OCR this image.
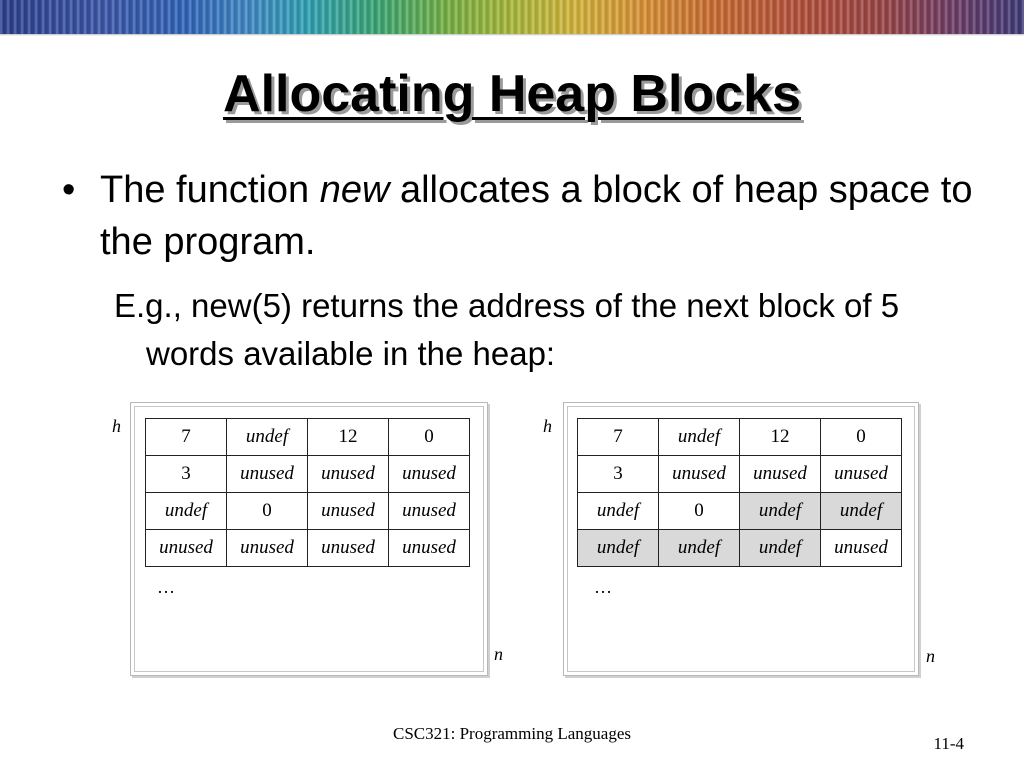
Allocating Heap Blocks
• The function new allocates a block of heap space to the program.
E.g., new(5) returns the address of the next block of 5 words available in the heap:
7	undef	12	0
3	unused	unused	unused
undef	0	unused	unused
unused	unused	unused	unused
…
h
n
7	undef	12	0
3	unused	unused	unused
undef	0	undef	undef
undef	undef	undef	unused
…
h
n
CSC321: Programming Languages
11-4
